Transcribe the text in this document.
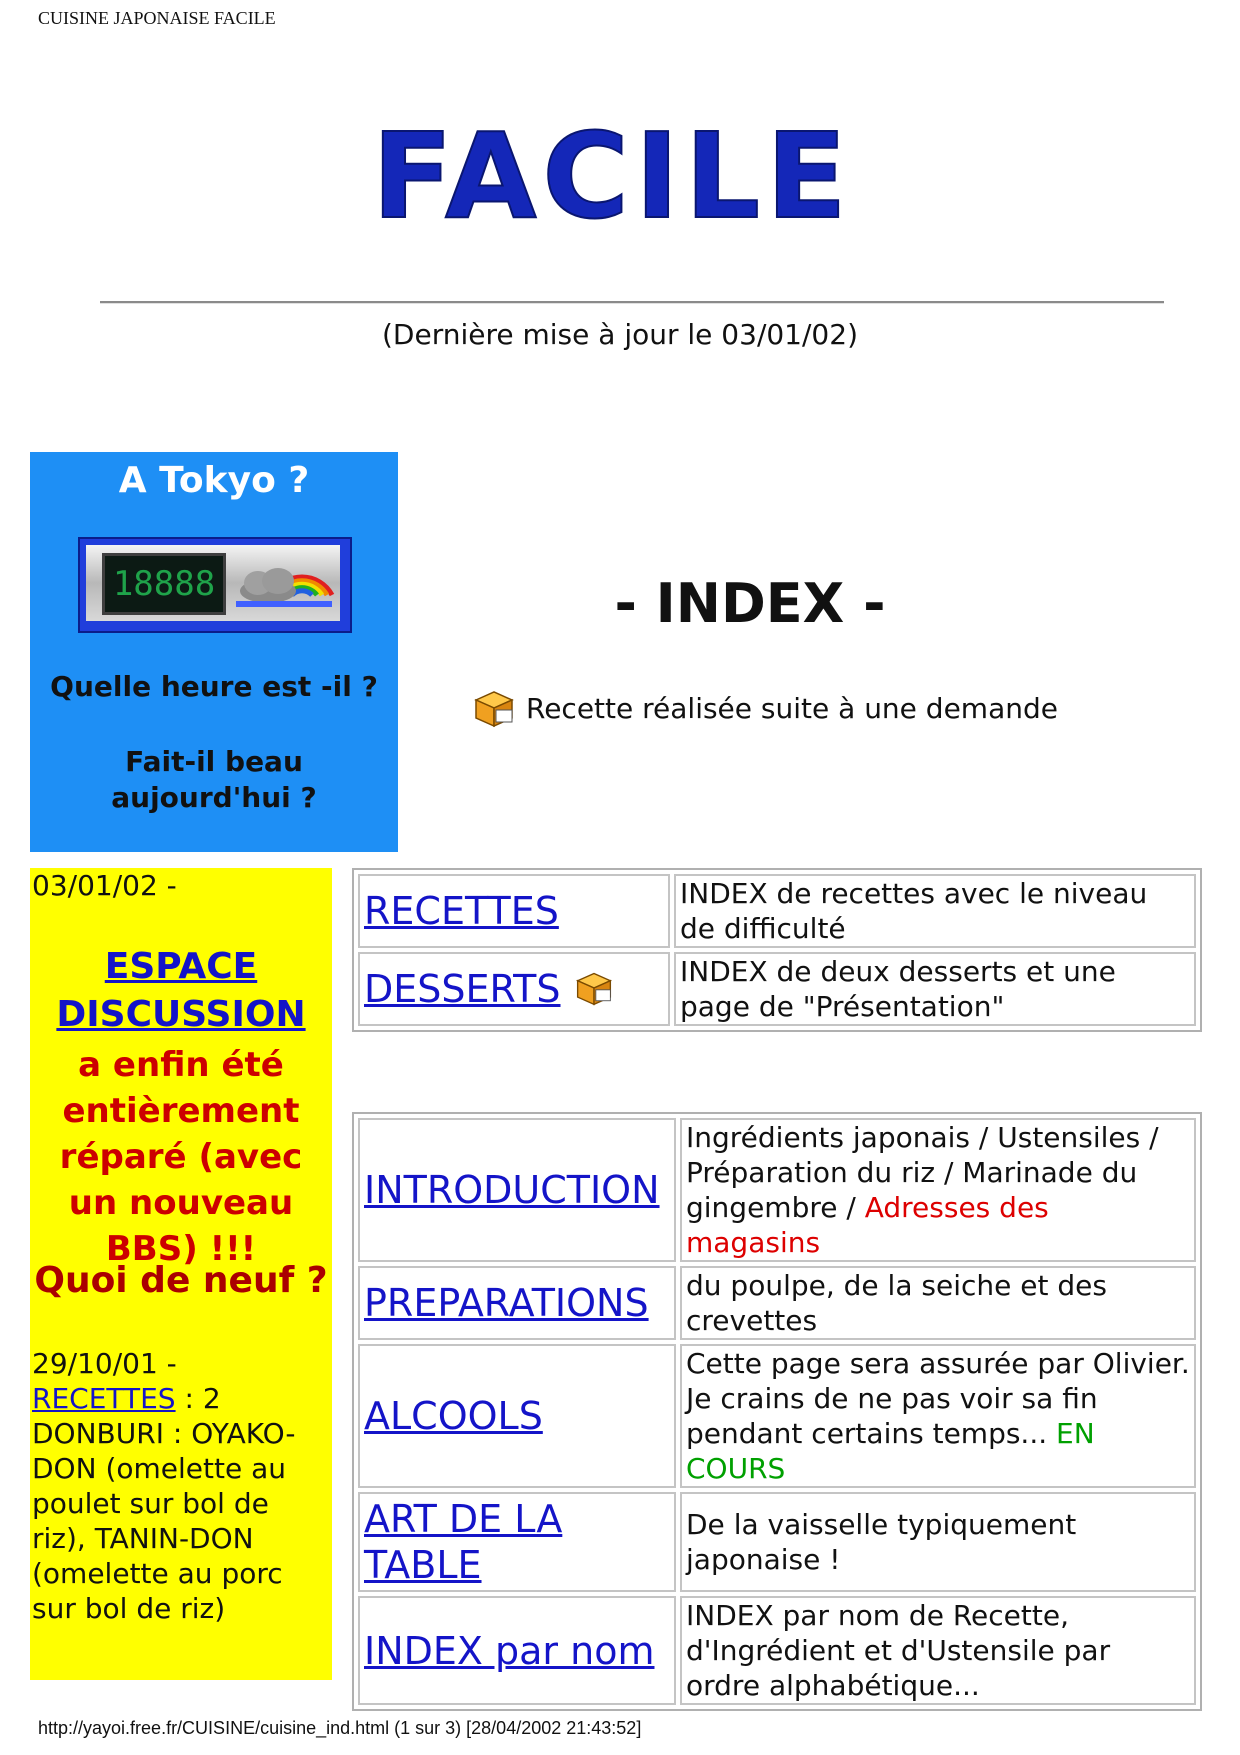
CUISINE JAPONAISE FACILE
FACILE !
(Dernière mise à jour le 03/01/02)
A Tokyo ?
18888
Quelle heure est -il ?
Fait-il beau aujourd'hui ?
- INDEX -
Recette réalisée suite à une demande
03/01/02 -
ESPACE
DISCUSSION
a enfin été entièrement réparé (avec un nouveau BBS) !!!
Quoi de neuf ?
29/10/01 -
RECETTES : 2
DONBURI : OYAKO-DON (omelette au poulet sur bol de riz), TANIN-DON (omelette au porc sur bol de riz)
RECETTES	INDEX de recettes avec le niveau de difficulté
DESSERTS	INDEX de deux desserts et une page de "Présentation"
INTRODUCTION	Ingrédients japonais / Ustensiles / Préparation du riz / Marinade du gingembre / Adresses des magasins
PREPARATIONS	du poulpe, de la seiche et des crevettes
ALCOOLS	Cette page sera assurée par Olivier. Je crains de ne pas voir sa fin pendant certains temps... EN COURS
ART DE LA TABLE	De la vaisselle typiquement japonaise !
INDEX par nom	INDEX par nom de Recette, d'Ingrédient et d'Ustensile par ordre alphabétique...
http://yayoi.free.fr/CUISINE/cuisine_ind.html (1 sur 3) [28/04/2002 21:43:52]
